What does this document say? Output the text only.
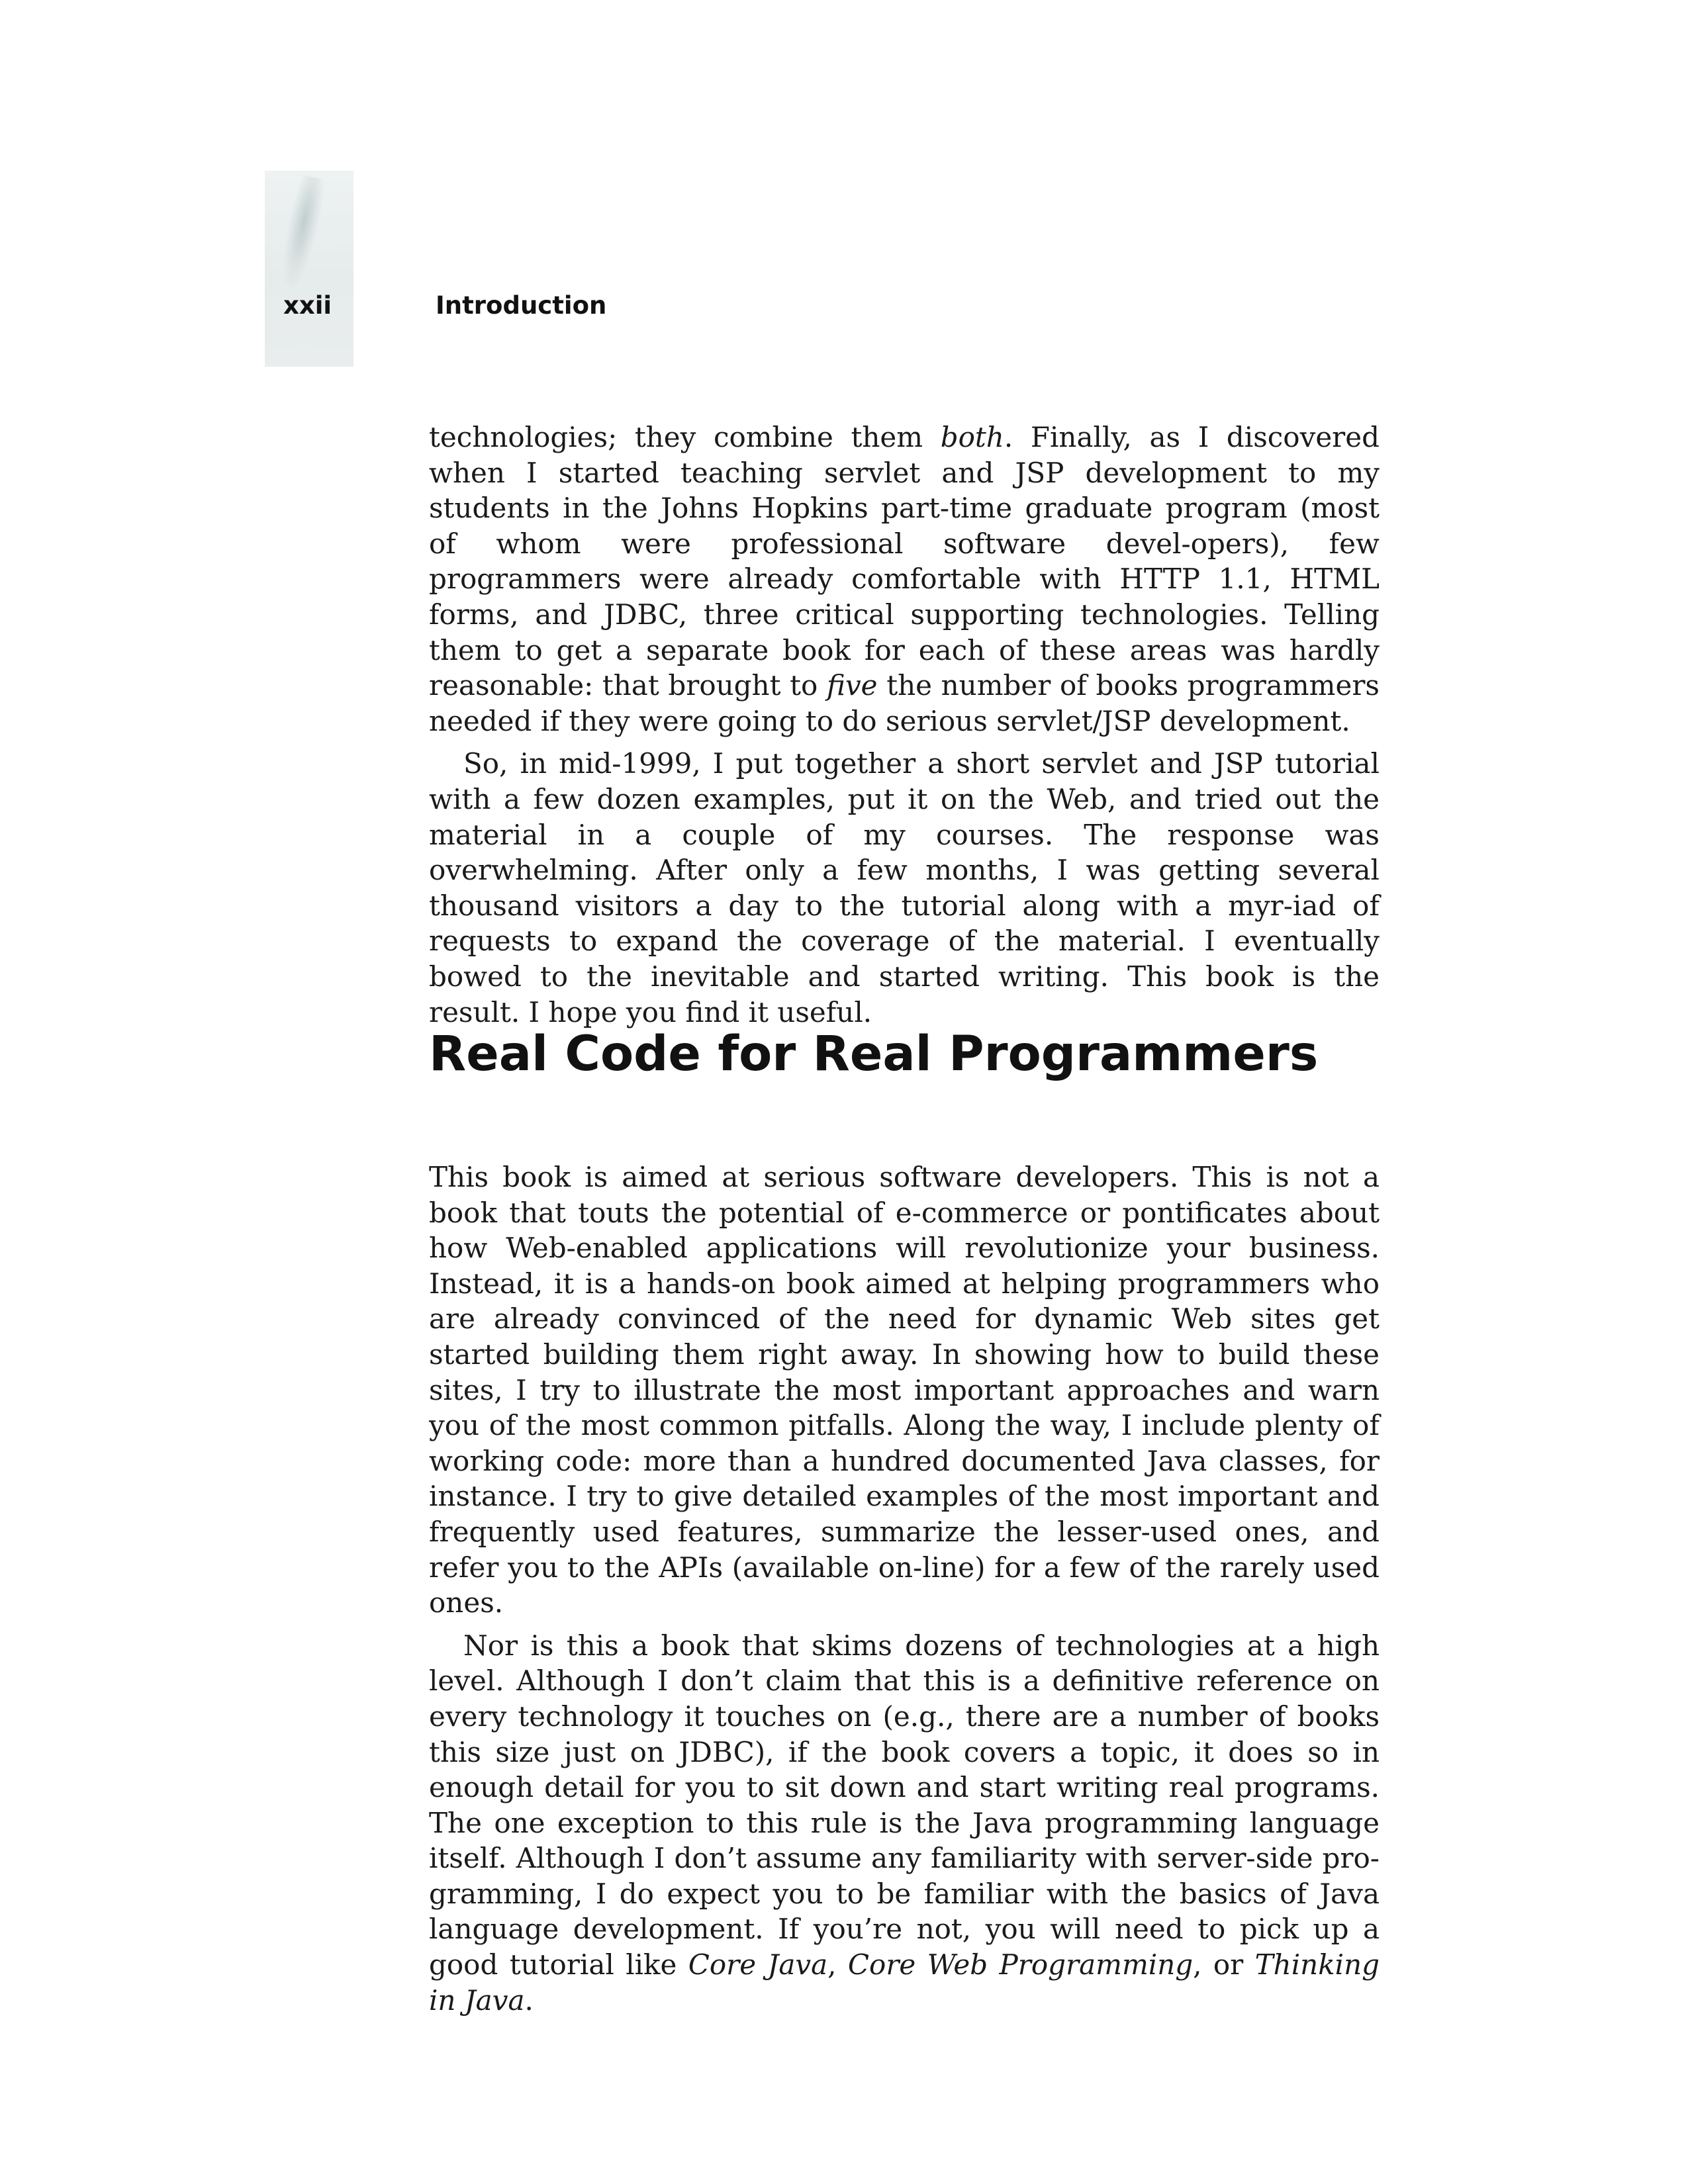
xxii	Introduction

technologies; they combine them both. Finally, as I discovered when I started teaching servlet and JSP development to my students in the Johns Hopkins part-time graduate program (most of whom were professional software devel-opers), few programmers were already comfortable with HTTP 1.1, HTML forms, and JDBC, three critical supporting technologies. Telling them to get a separate book for each of these areas was hardly reasonable: that brought to five the number of books programmers needed if they were going to do serious servlet/JSP development.

So, in mid-1999, I put together a short servlet and JSP tutorial with a few dozen examples, put it on the Web, and tried out the material in a couple of my courses. The response was overwhelming. After only a few months, I was getting several thousand visitors a day to the tutorial along with a myr-iad of requests to expand the coverage of the material. I eventually bowed to the inevitable and started writing. This book is the result. I hope you find it useful.

Real Code for Real Programmers

This book is aimed at serious software developers. This is not a book that touts the potential of e-commerce or pontificates about how Web-enabled applications will revolutionize your business. Instead, it is a hands-on book aimed at helping programmers who are already convinced of the need for dynamic Web sites get started building them right away. In showing how to build these sites, I try to illustrate the most important approaches and warn you of the most common pitfalls. Along the way, I include plenty of working code: more than a hundred documented Java classes, for instance. I try to give detailed examples of the most important and frequently used features, summarize the lesser-used ones, and refer you to the APIs (available on-line) for a few of the rarely used ones.

Nor is this a book that skims dozens of technologies at a high level. Although I don’t claim that this is a definitive reference on every technology it touches on (e.g., there are a number of books this size just on JDBC), if the book covers a topic, it does so in enough detail for you to sit down and start writing real programs. The one exception to this rule is the Java programming language itself. Although I don’t assume any familiarity with server-side pro-gramming, I do expect you to be familiar with the basics of Java language development. If you’re not, you will need to pick up a good tutorial like Core Java, Core Web Programming, or Thinking in Java.
